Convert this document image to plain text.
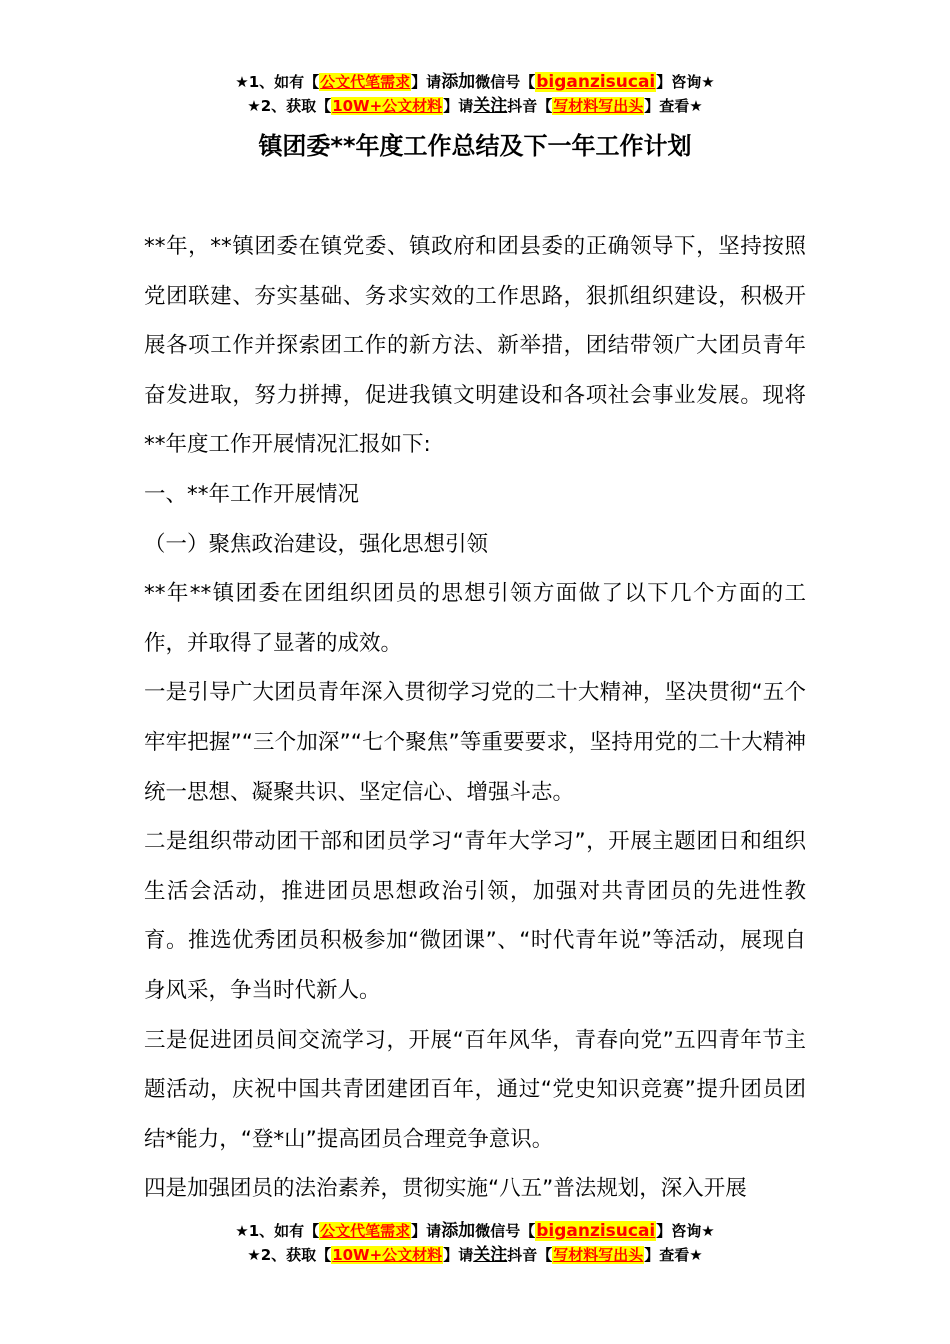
★1、如有【公文代笔需求】请添加微信号【biganzisucai】咨询★
★2、获取【10W+公文材料】请关注抖音【写材料写出头】查看★
镇团委**年度工作总结及下一年工作计划

**年，**镇团委在镇党委、镇政府和团县委的正确领导下，坚持按照党团联建、夯实基础、务求实效的工作思路，狠抓组织建设，积极开展各项工作并探索团工作的新方法、新举措，团结带领广大团员青年奋发进取，努力拼搏，促进我镇文明建设和各项社会事业发展。现将**年度工作开展情况汇报如下:

一、**年工作开展情况

（一）聚焦政治建设，强化思想引领

**年**镇团委在团组织团员的思想引领方面做了以下几个方面的工作，并取得了显著的成效。

一是引导广大团员青年深入贯彻学习党的二十大精神，坚决贯彻“五个牢牢把握”“三个加深”“七个聚焦”等重要要求，坚持用党的二十大精神统一思想、凝聚共识、坚定信心、增强斗志。

二是组织带动团干部和团员学习“青年大学习”，开展主题团日和组织生活会活动，推进团员思想政治引领，加强对共青团员的先进性教育。推选优秀团员积极参加“微团课”、“时代青年说”等活动，展现自身风采，争当时代新人。

三是促进团员间交流学习，开展“百年风华，青春向党”五四青年节主题活动，庆祝中国共青团建团百年，通过“党史知识竞赛”提升团员团结*能力，“登*山”提高团员合理竞争意识。

四是加强团员的法治素养，贯彻实施“八五”普法规划，深入开展

★1、如有【公文代笔需求】请添加微信号【biganzisucai】咨询★
★2、获取【10W+公文材料】请关注抖音【写材料写出头】查看★
